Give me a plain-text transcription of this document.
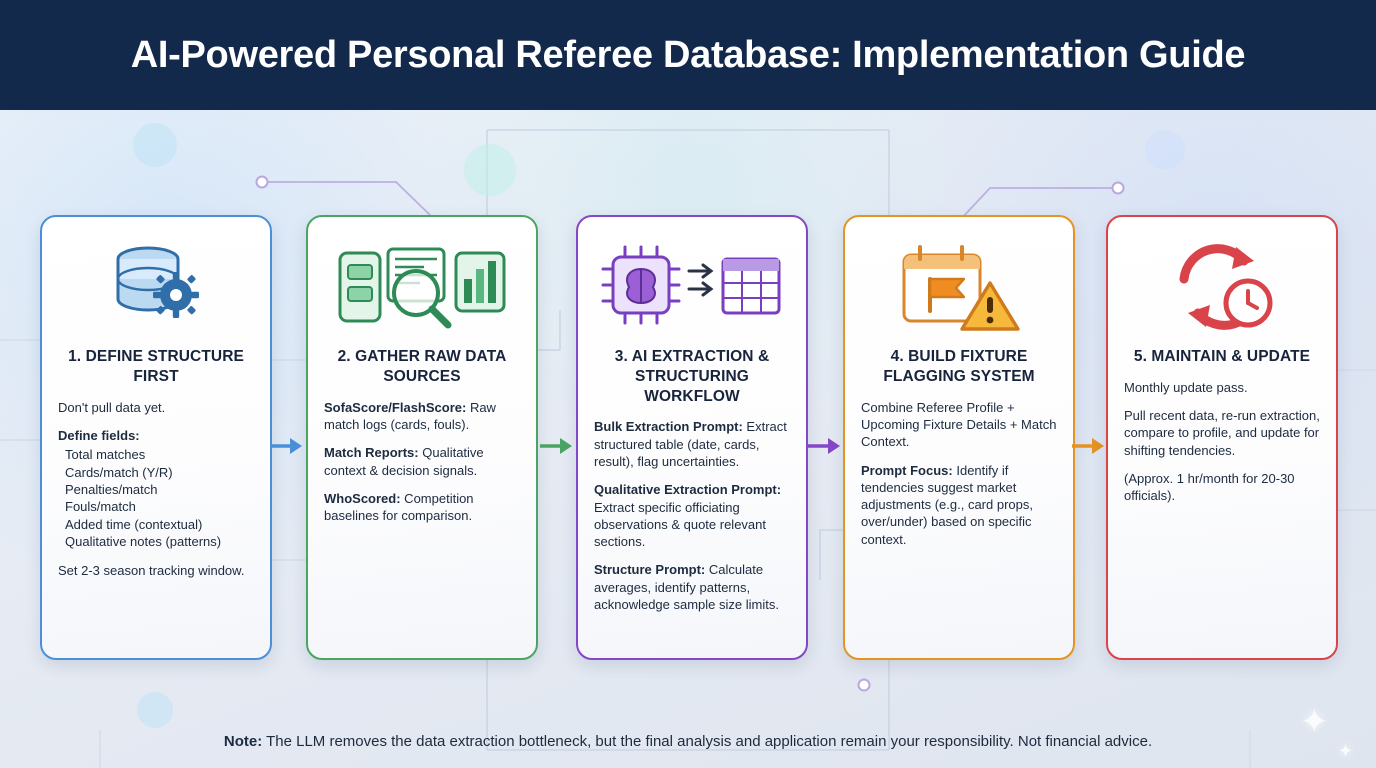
AI-Powered Personal Referee Database: Implementation Guide
✦
✦
1. DEFINE STRUCTURE FIRST
Don't pull data yet.
Define fields:
Total matches
Cards/match (Y/R)
Penalties/match
Fouls/match
Added time (contextual)
Qualitative notes (patterns)
Set 2-3 season tracking window.
2. GATHER RAW DATA SOURCES
SofaScore/FlashScore: Raw match logs (cards, fouls).
Match Reports: Qualitative context & decision signals.
WhoScored: Competition baselines for comparison.
3. AI EXTRACTION & STRUCTURING WORKFLOW
Bulk Extraction Prompt: Extract structured table (date, cards, result), flag uncertainties.
Qualitative Extraction Prompt: Extract specific officiating observations & quote relevant sections.
Structure Prompt: Calculate averages, identify patterns, acknowledge sample size limits.
4. BUILD FIXTURE FLAGGING SYSTEM
Combine Referee Profile + Upcoming Fixture Details + Match Context.
Prompt Focus: Identify if tendencies suggest market adjustments (e.g., card props, over/under) based on specific context.
5. MAINTAIN & UPDATE
Monthly update pass.
Pull recent data, re-run extraction, compare to profile, and update for shifting tendencies.
(Approx. 1 hr/month for 20-30 officials).
Note: The LLM removes the data extraction bottleneck, but the final analysis and application remain your responsibility. Not financial advice.
